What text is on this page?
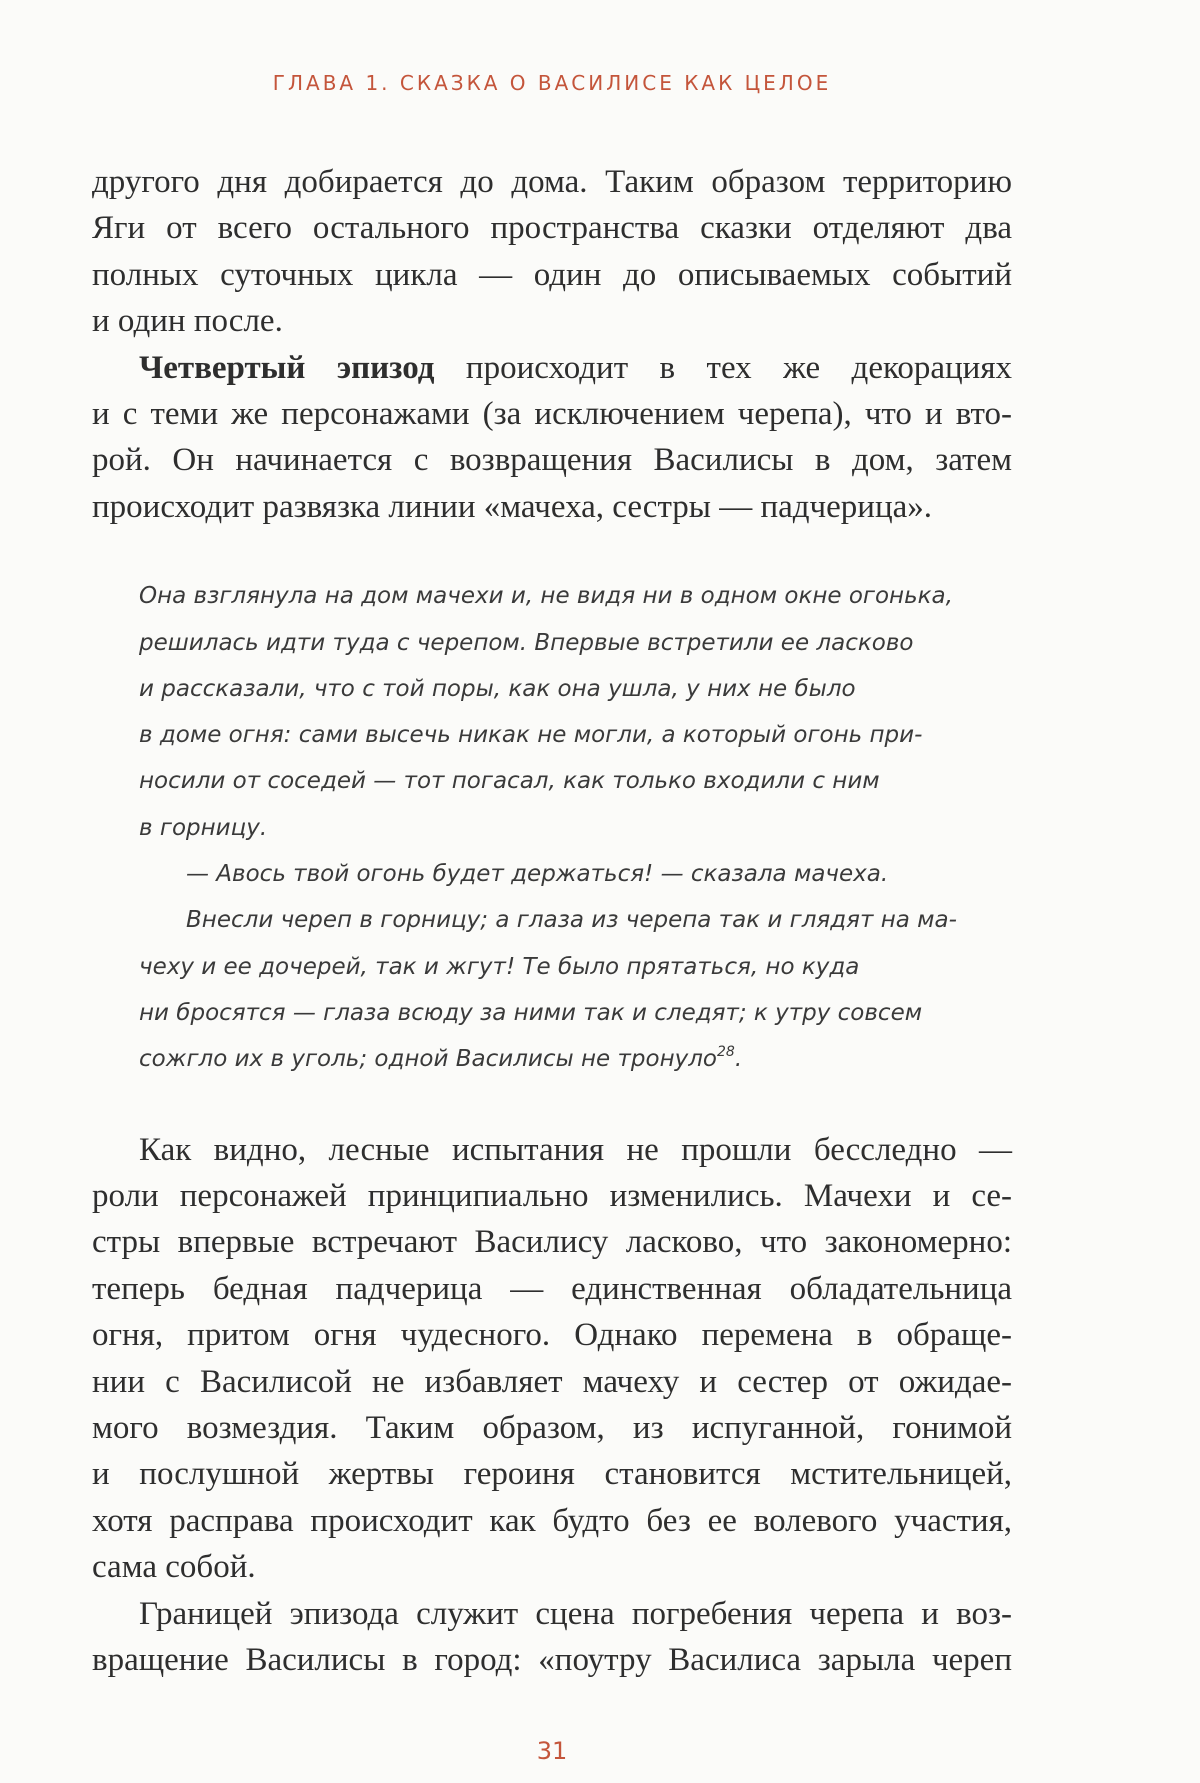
ГЛАВА 1. СКАЗКА О ВАСИЛИСЕ КАК ЦЕЛОЕ
другого дня добирается до дома. Таким образом территорию
Яги от всего остального пространства сказки отделяют два
полных суточных цикла — один до описываемых событий
и один после.
Четвертый эпизод происходит в тех же декорациях
и с теми же персонажами (за исключением черепа), что и вто-
рой. Он начинается с возвращения Василисы в дом, затем
происходит развязка линии «мачеха, сестры — падчерица».
Она взглянула на дом мачехи и, не видя ни в одном окне огонька,
решилась идти туда с черепом. Впервые встретили ее ласково
и рассказали, что с той поры, как она ушла, у них не было
в доме огня: сами высечь никак не могли, а который огонь при-
носили от соседей — тот погасал, как только входили с ним
в горницу.
— Авось твой огонь будет держаться! — сказала мачеха.
Внесли череп в горницу; а глаза из черепа так и глядят на ма-
чеху и ее дочерей, так и жгут! Те было прятаться, но куда
ни бросятся — глаза всюду за ними так и следят; к утру совсем
сожгло их в уголь; одной Василисы не тронуло$^{28}$.
Как видно, лесные испытания не прошли бесследно —
роли персонажей принципиально изменились. Мачехи и се-
стры впервые встречают Василису ласково, что закономерно:
теперь бедная падчерица — единственная обладательница
огня, притом огня чудесного. Однако перемена в обраще-
нии с Василисой не избавляет мачеху и сестер от ожидае-
мого возмездия. Таким образом, из испуганной, гонимой
и послушной жертвы героиня становится мстительницей,
хотя расправа происходит как будто без ее волевого участия,
сама собой.
Границей эпизода служит сцена погребения черепа и воз-
вращение Василисы в город: «поутру Василиса зарыла череп
31
